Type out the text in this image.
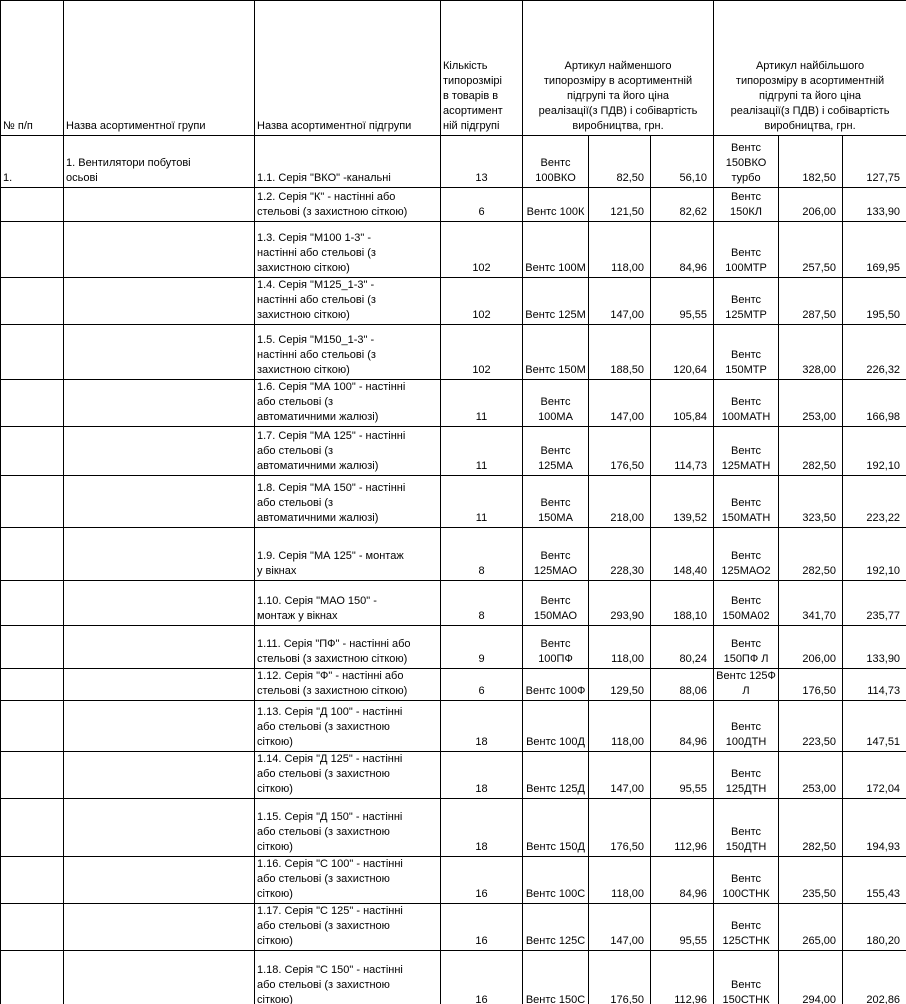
№ п/п	Назва асортиментної групи	Назва асортиментної підгрупи	Кількість
типорозмірі
в товарів в
асортимент
ній підгрупі	Артикул найменшого
типорозміру в асортиментній
підгрупі та його ціна
реалізації(з ПДВ) і собівартість
виробництва, грн.			Артикул найбільшого
типорозміру в асортиментній
підгрупі та його ціна
реалізації(з ПДВ) і собівартість
виробництва, грн.		
1.	1. Вентилятори побутові
осьові	1.1. Серія "ВКО" -канальні	13	Вентс 100ВКО	82,50	56,10	Вентс 150ВКО турбо	182,50	127,75
		1.2. Серія "К" - настінні або
стельові (з захистною сіткою)	6	Вентс 100К	121,50	82,62	Вентс 150КЛ	206,00	133,90
		1.3. Серія "М100 1-3" -
настінні або стельові (з
захистною сіткою)	102	Вентс 100М	118,00	84,96	Вентс 100МТР	257,50	169,95
		1.4. Серія "М125_1-3" -
настінні або стельові (з
захистною сіткою)	102	Вентс 125М	147,00	95,55	Вентс 125МТР	287,50	195,50
		1.5. Серія "М150_1-3" -
настінні або стельові (з
захистною сіткою)	102	Вентс 150М	188,50	120,64	Вентс 150МТР	328,00	226,32
		1.6. Серія "МА 100" - настінні
або стельові (з
автоматичними жалюзі)	11	Вентс 100МА	147,00	105,84	Вентс 100МАТН	253,00	166,98
		1.7. Серія "МА 125" - настінні
або стельові (з
автоматичними жалюзі)	11	Вентс 125МА	176,50	114,73	Вентс 125МАТН	282,50	192,10
		1.8. Серія "МА 150" - настінні
або стельові (з
автоматичними жалюзі)	11	Вентс 150МА	218,00	139,52	Вентс 150МАТН	323,50	223,22
		1.9. Серія "МА 125" - монтаж
у вікнах	8	Вентс 125МАО	228,30	148,40	Вентс 125МАО2	282,50	192,10
		1.10. Серія "МАО 150" -
монтаж у вікнах	8	Вентс 150МАО	293,90	188,10	Вентс 150МА02	341,70	235,77
		1.11. Серія "ПФ" - настінні або
стельові (з захистною сіткою)	9	Вентс 100ПФ	118,00	80,24	Вентс 150ПФ Л	206,00	133,90
		1.12. Серія "Ф" - настінні або
стельові (з захистною сіткою)	6	Вентс 100Ф	129,50	88,06	Вентс 125Ф Л	176,50	114,73
		1.13. Серія "Д 100" - настінні
або стельові (з захистною
сіткою)	18	Вентс 100Д	118,00	84,96	Вентс 100ДТН	223,50	147,51
		1.14. Серія "Д 125" - настінні
або стельові (з захистною
сіткою)	18	Вентс 125Д	147,00	95,55	Вентс 125ДТН	253,00	172,04
		1.15. Серія "Д 150" - настінні
або стельові (з захистною
сіткою)	18	Вентс 150Д	176,50	112,96	Вентс 150ДТН	282,50	194,93
		1.16. Серія "С 100" - настінні
або стельові (з захистною
сіткою)	16	Вентс 100С	118,00	84,96	Вентс 100СТНК	235,50	155,43
		1.17. Серія "С 125" - настінні
або стельові (з захистною
сіткою)	16	Вентс 125С	147,00	95,55	Вентс 125СТНК	265,00	180,20
		1.18. Серія "С 150" - настінні
або стельові (з захистною
сіткою)	16	Вентс 150С	176,50	112,96	Вентс 150СТНК	294,00	202,86
